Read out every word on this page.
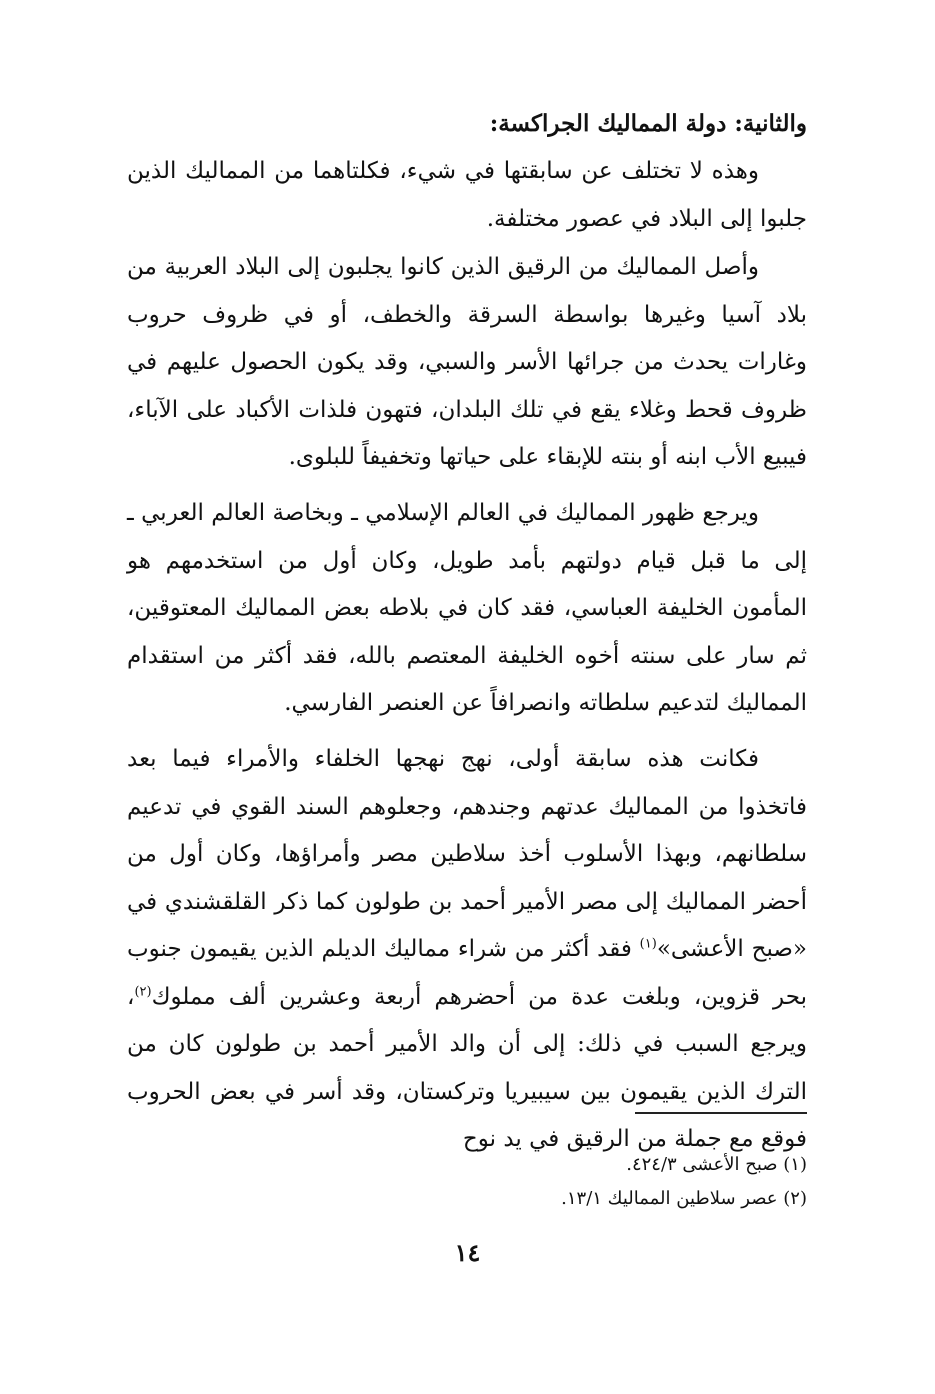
والثانية: دولة المماليك الجراكسة:

وهذه لا تختلف عن سابقتها في شيء، فكلتاهما من المماليك الذين جلبوا إلى البلاد في عصور مختلفة.

وأصل المماليك من الرقيق الذين كانوا يجلبون إلى البلاد العربية من بلاد آسيا وغيرها بواسطة السرقة والخطف، أو في ظروف حروب وغارات يحدث من جرائها الأسر والسبي، وقد يكون الحصول عليهم في ظروف قحط وغلاء يقع في تلك البلدان، فتهون فلذات الأكباد على الآباء، فيبيع الأب ابنه أو بنته للإبقاء على حياتها وتخفيفاً للبلوى.

ويرجع ظهور المماليك في العالم الإسلامي ـ وبخاصة العالم العربي ـ إلى ما قبل قيام دولتهم بأمد طويل، وكان أول من استخدمهم هو المأمون الخليفة العباسي، فقد كان في بلاطه بعض المماليك المعتوقين، ثم سار على سنته أخوه الخليفة المعتصم بالله، فقد أكثر من استقدام المماليك لتدعيم سلطاته وانصرافاً عن العنصر الفارسي.

فكانت هذه سابقة أولى، نهج نهجها الخلفاء والأمراء فيما بعد فاتخذوا من المماليك عدتهم وجندهم، وجعلوهم السند القوي في تدعيم سلطانهم، وبهذا الأسلوب أخذ سلاطين مصر وأمراؤها، وكان أول من أحضر المماليك إلى مصر الأمير أحمد بن طولون كما ذكر القلقشندي في «صبح الأعشى»$^{(١)}$ فقد أكثر من شراء مماليك الديلم الذين يقيمون جنوب بحر قزوين، وبلغت عدة من أحضرهم أربعة وعشرين ألف مملوك$^{(٢)}$، ويرجع السبب في ذلك: إلى أن والد الأمير أحمد بن طولون كان من الترك الذين يقيمون بين سيبيريا وتركستان، وقد أسر في بعض الحروب فوقع مع جملة من الرقيق في يد نوح

(١) صبح الأعشى ٤٢٤/٣.
(٢) عصر سلاطين المماليك ١٣/١.
١٤
